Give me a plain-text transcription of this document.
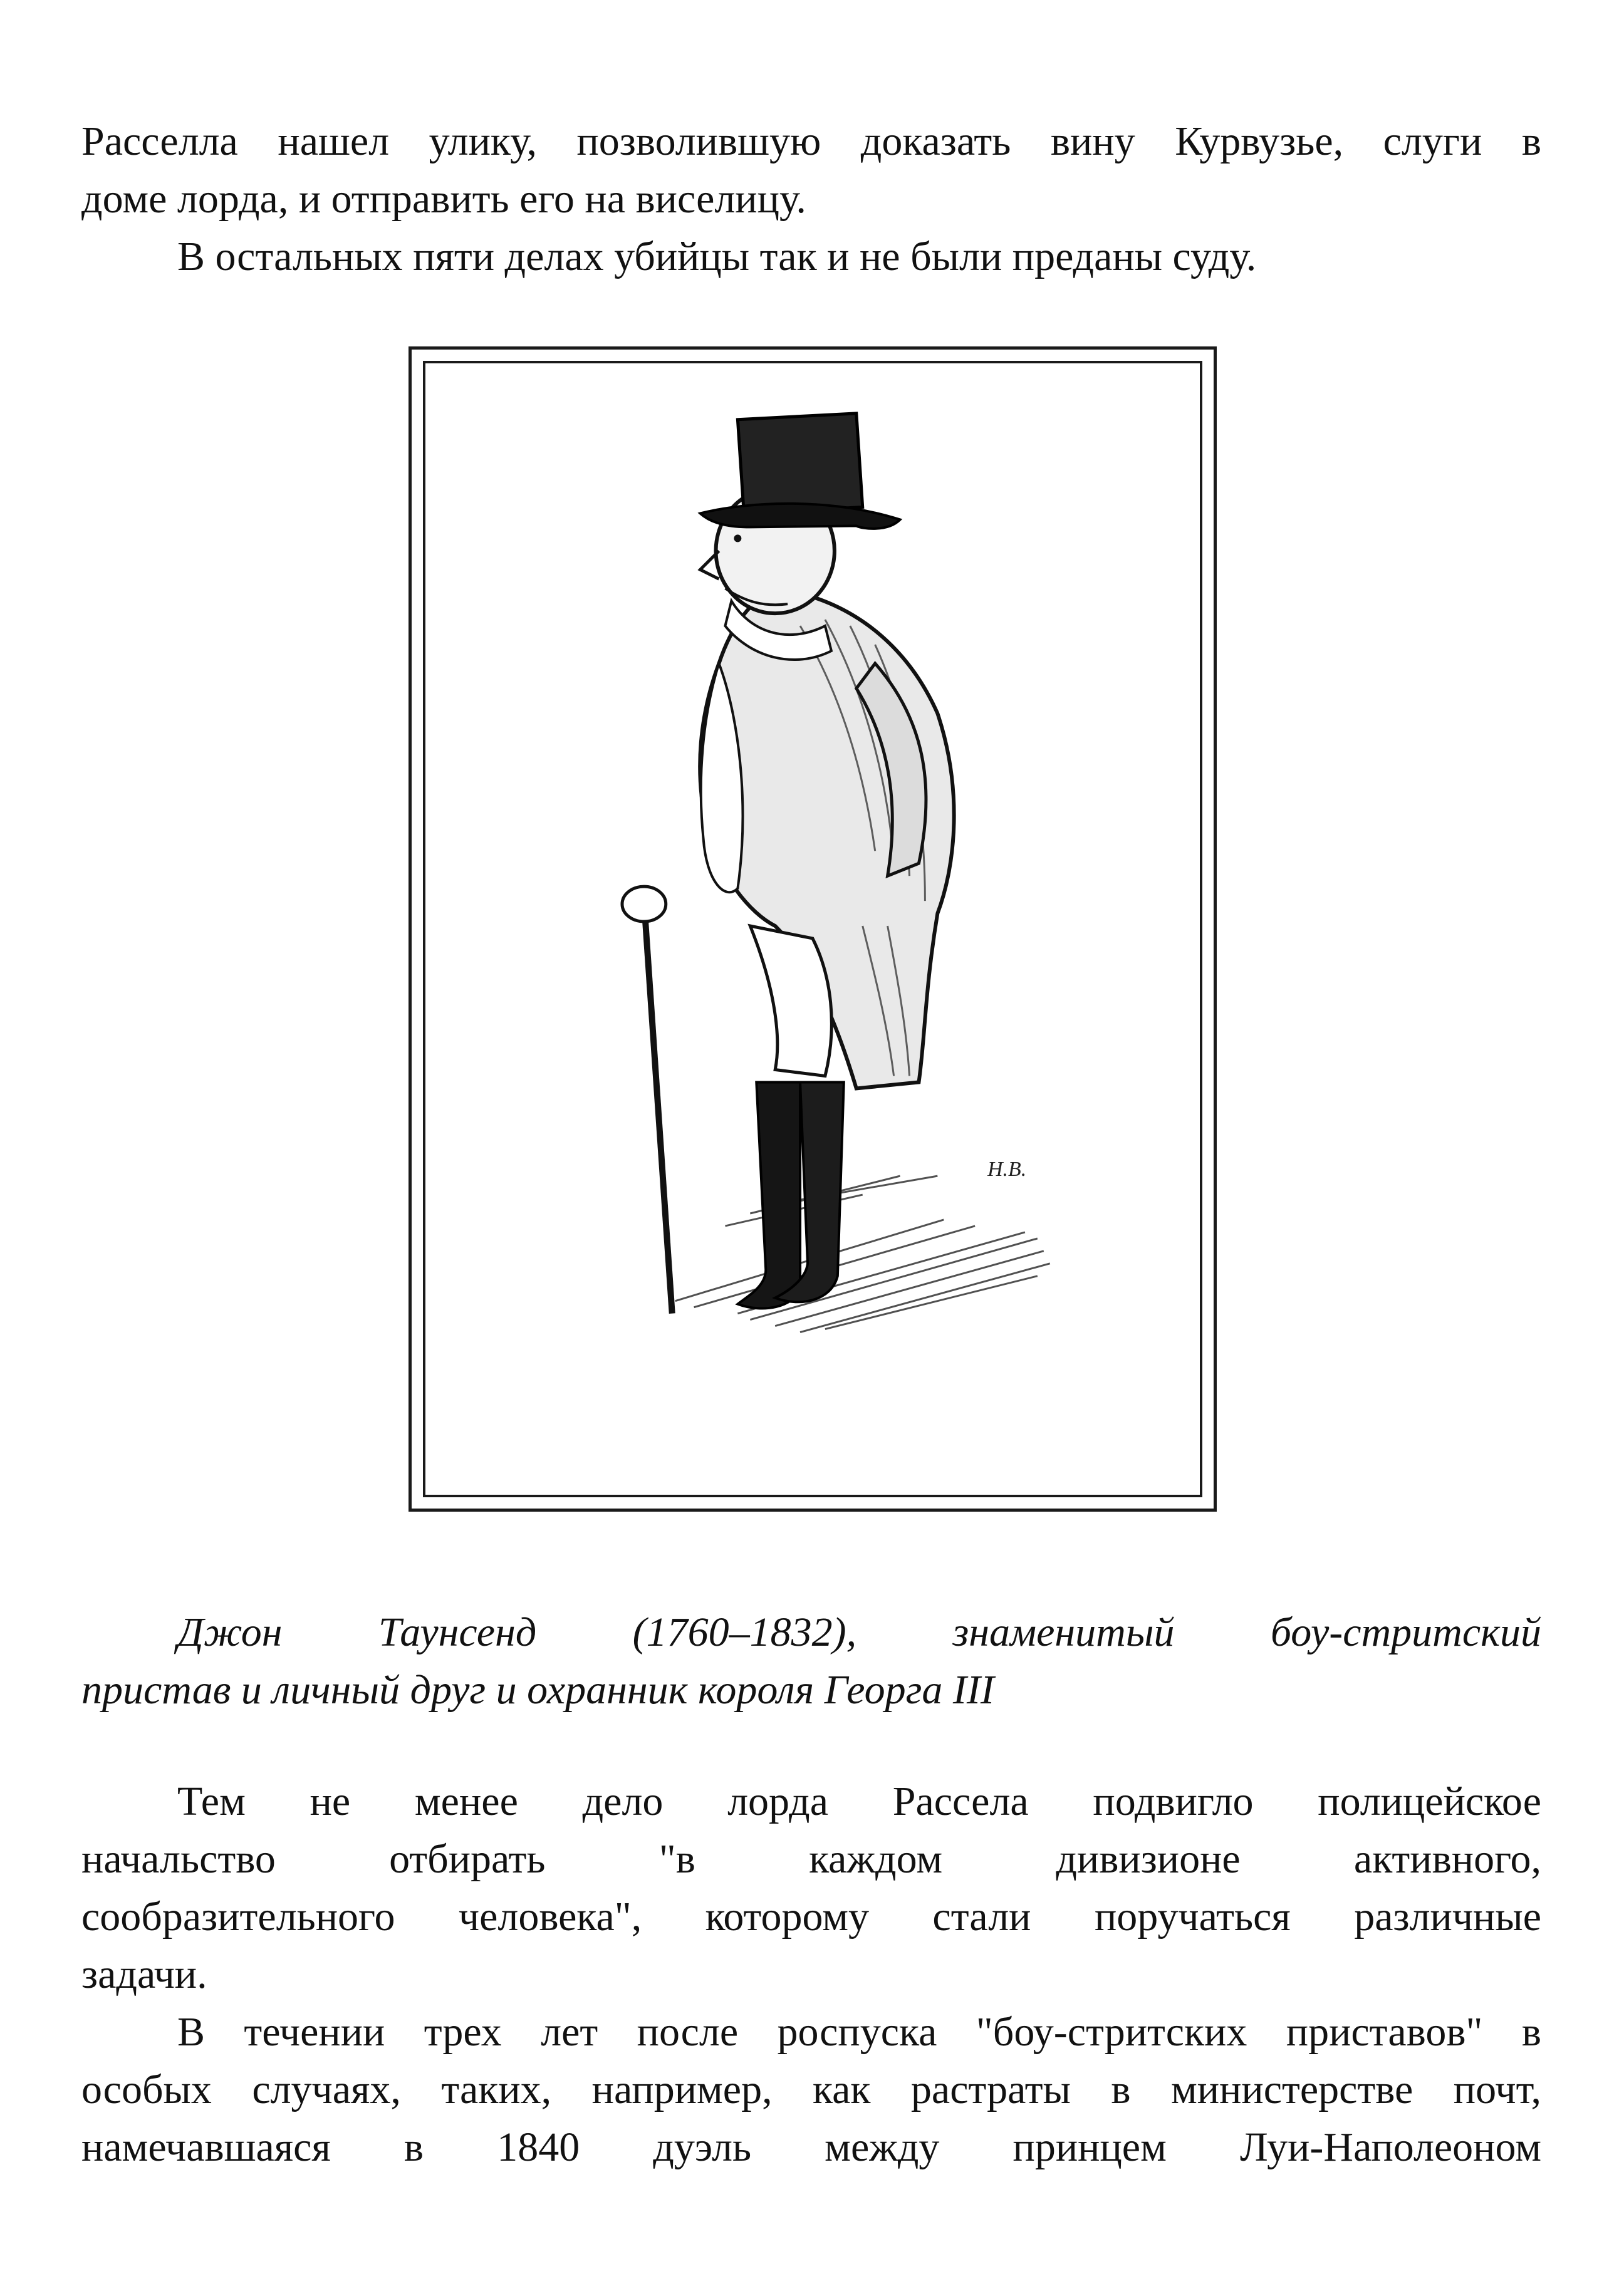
Расселла нашел улику, позволившую доказать вину Курвузье, слуги в
доме лорда, и отправить его на виселицу.
В остальных пяти делах убийцы так и не были преданы суду.
H.B.
Джон Таунсенд (1760–1832), знаменитый боу-стритский
пристав и личный друг и охранник короля Георга III
Тем не менее дело лорда Рассела подвигло полицейское
начальство отбирать "в каждом дивизионе активного,
сообразительного человека", которому стали поручаться различные
задачи.
В течении трех лет после роспуска "боу-стритских приставов" в
особых случаях, таких, например, как растраты в министерстве почт,
намечавшаяся в 1840 дуэль между принцем Луи-Наполеоном
